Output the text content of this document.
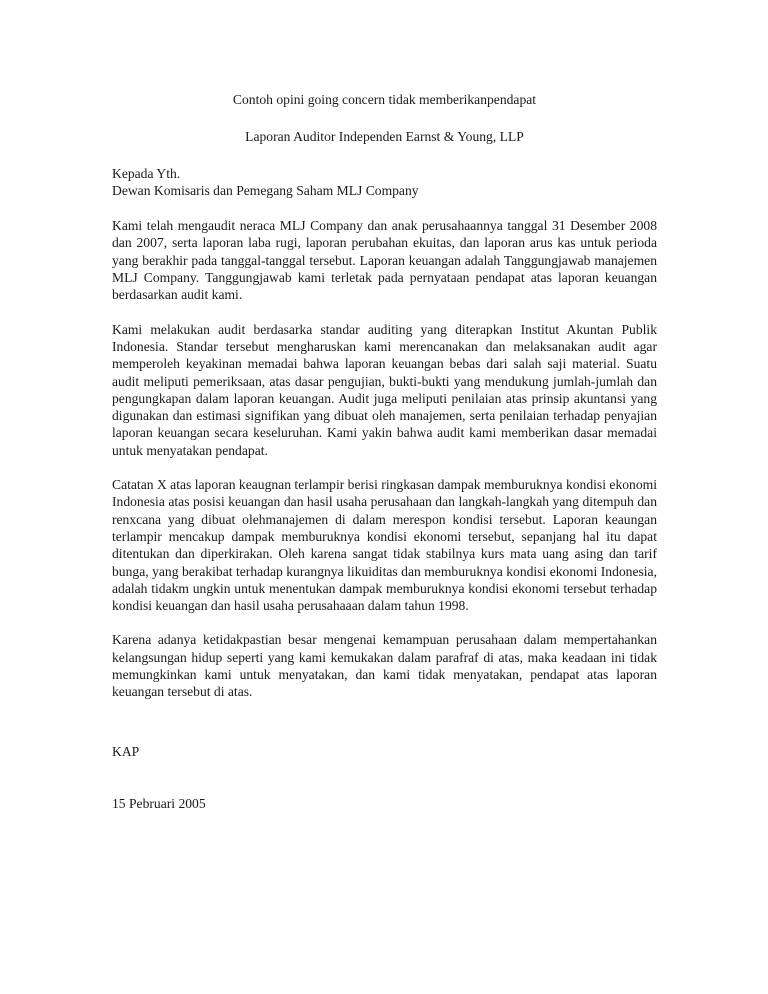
Contoh opini going concern tidak memberikanpendapat

Laporan Auditor Independen Earnst & Young, LLP

Kepada Yth.
Dewan Komisaris dan Pemegang Saham MLJ Company

Kami telah mengaudit neraca MLJ Company dan anak perusahaannya tanggal 31 Desember 2008 dan 2007, serta laporan laba rugi, laporan perubahan ekuitas, dan laporan arus kas untuk perioda yang berakhir pada tanggal-tanggal tersebut. Laporan keuangan adalah Tanggungjawab manajemen MLJ Company. Tanggungjawab kami terletak pada pernyataan pendapat atas laporan keuangan berdasarkan audit kami.

Kami melakukan audit berdasarka standar auditing yang diterapkan Institut Akuntan Publik Indonesia. Standar tersebut mengharuskan kami merencanakan dan melaksanakan audit agar memperoleh keyakinan memadai bahwa laporan keuangan bebas dari salah saji material. Suatu audit meliputi pemeriksaan, atas dasar pengujian, bukti-bukti yang mendukung jumlah-jumlah dan pengungkapan dalam laporan keuangan. Audit juga meliputi penilaian atas prinsip akuntansi yang digunakan dan estimasi signifikan yang dibuat oleh manajemen, serta penilaian terhadap penyajian laporan keuangan secara keseluruhan. Kami yakin bahwa audit kami memberikan dasar memadai untuk menyatakan pendapat.

Catatan X atas laporan keaugnan terlampir berisi ringkasan dampak memburuknya kondisi ekonomi Indonesia atas posisi keuangan dan hasil usaha perusahaan dan langkah-langkah yang ditempuh dan renxcana yang dibuat olehmanajemen di dalam merespon kondisi tersebut. Laporan keaungan terlampir mencakup dampak memburuknya kondisi ekonomi tersebut, sepanjang hal itu dapat ditentukan dan diperkirakan. Oleh karena sangat tidak stabilnya kurs mata uang asing dan tarif bunga, yang berakibat terhadap kurangnya likuiditas dan memburuknya kondisi ekonomi Indonesia, adalah tidakm ungkin untuk menentukan dampak memburuknya kondisi ekonomi tersebut terhadap kondisi keuangan dan hasil usaha perusahaaan dalam tahun 1998.

Karena adanya ketidakpastian besar mengenai kemampuan perusahaan dalam mempertahankan kelangsungan hidup seperti yang kami kemukakan dalam parafraf di atas, maka keadaan ini tidak memungkinkan kami untuk menyatakan, dan kami tidak menyatakan, pendapat atas laporan keuangan tersebut di atas.

KAP

15 Pebruari 2005
